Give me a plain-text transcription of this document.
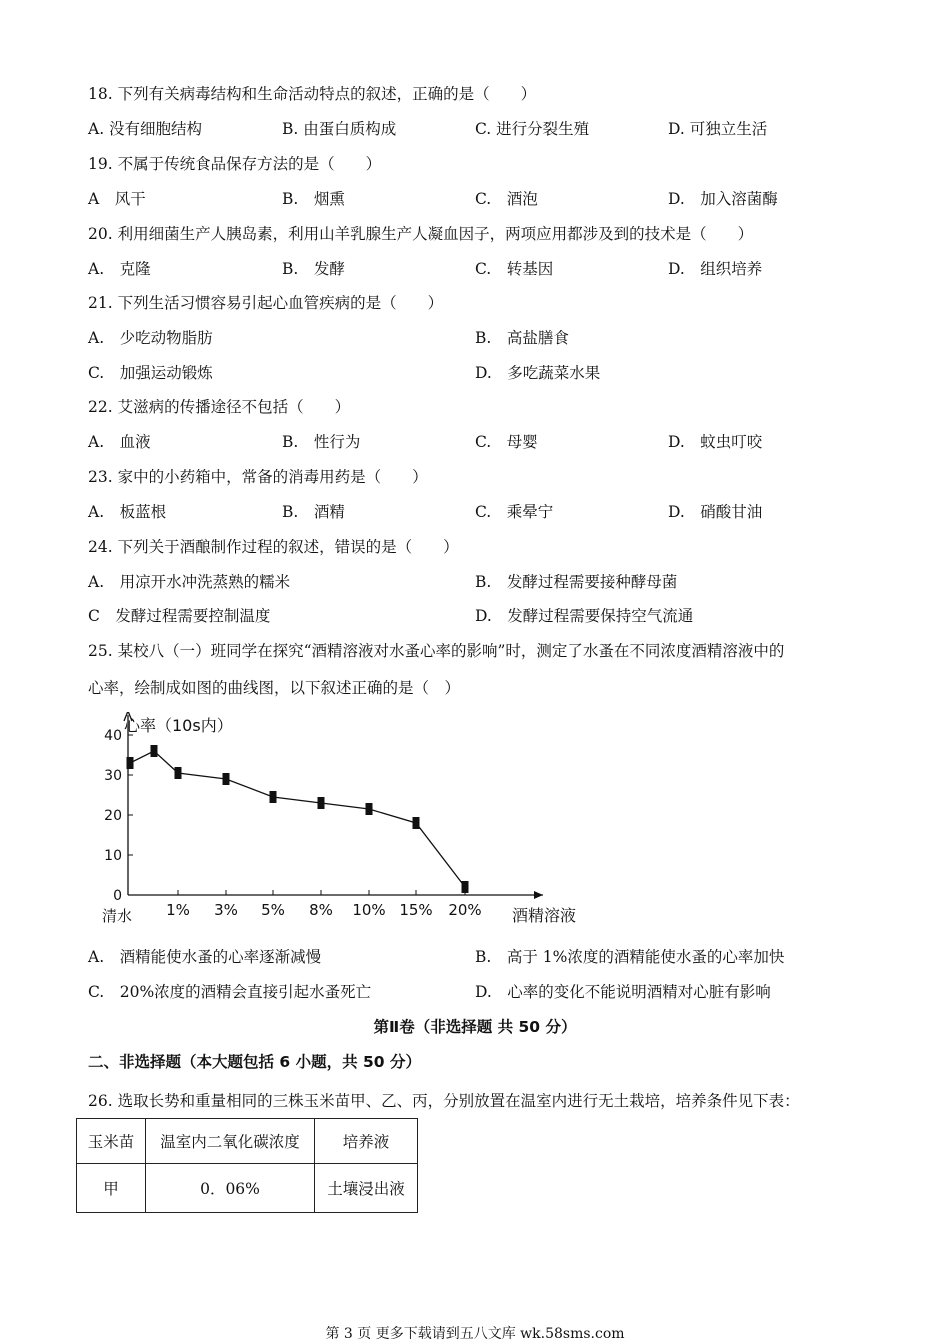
18. 下列有关病毒结构和生命活动特点的叙述，正确的是（　　）
A. 没有细胞结构	B. 由蛋白质构成	C. 进行分裂生殖	D. 可独立生活
19. 不属于传统食品保存方法的是（　　）
A　风干	B.　烟熏	C.　酒泡	D.　加入溶菌酶
20. 利用细菌生产人胰岛素，利用山羊乳腺生产人凝血因子，两项应用都涉及到的技术是（　　）
A.　克隆	B.　发酵	C.　转基因	D.　组织培养
21. 下列生活习惯容易引起心血管疾病的是（　　）
A.　少吃动物脂肪	B.　高盐膳食
C.　加强运动锻炼	D.　多吃蔬菜水果
22. 艾滋病的传播途径不包括（　　）
A.　血液	B.　性行为	C.　母婴	D.　蚊虫叮咬
23. 家中的小药箱中，常备的消毒用药是（　　）
A.　板蓝根	B.　酒精	C.　乘晕宁	D.　硝酸甘油
24. 下列关于酒酿制作过程的叙述，错误的是（　　）
A.　用凉开水冲洗蒸熟的糯米	B.　发酵过程需要接种酵母菌
C　发酵过程需要控制温度	D.　发酵过程需要保持空气流通
25. 某校八（一）班同学在探究“酒精溶液对水蚤心率的影响”时，测定了水蚤在不同浓度酒精溶液中的
心率，绘制成如图的曲线图，以下叙述正确的是（　）
心率（10s内）
酒精溶液
0
10
20
30
40
清水 1% 3% 5% 8% 10% 15% 20%
A.　酒精能使水蚤的心率逐渐减慢	B.　高于 1%浓度的酒精能使水蚤的心率加快
C.　20%浓度的酒精会直接引起水蚤死亡	D.　心率的变化不能说明酒精对心脏有影响
第Ⅱ卷（非选择题 共 50 分）
二、非选择题（本大题包括 6 小题，共 50 分）
26. 选取长势和重量相同的三株玉米苗甲、乙、丙，分别放置在温室内进行无土栽培，培养条件见下表：
玉米苗	温室内二氧化碳浓度	培养液
甲	0．06%	土壤浸出液
第 3 页 更多下载请到五八文库 wk.58sms.com
